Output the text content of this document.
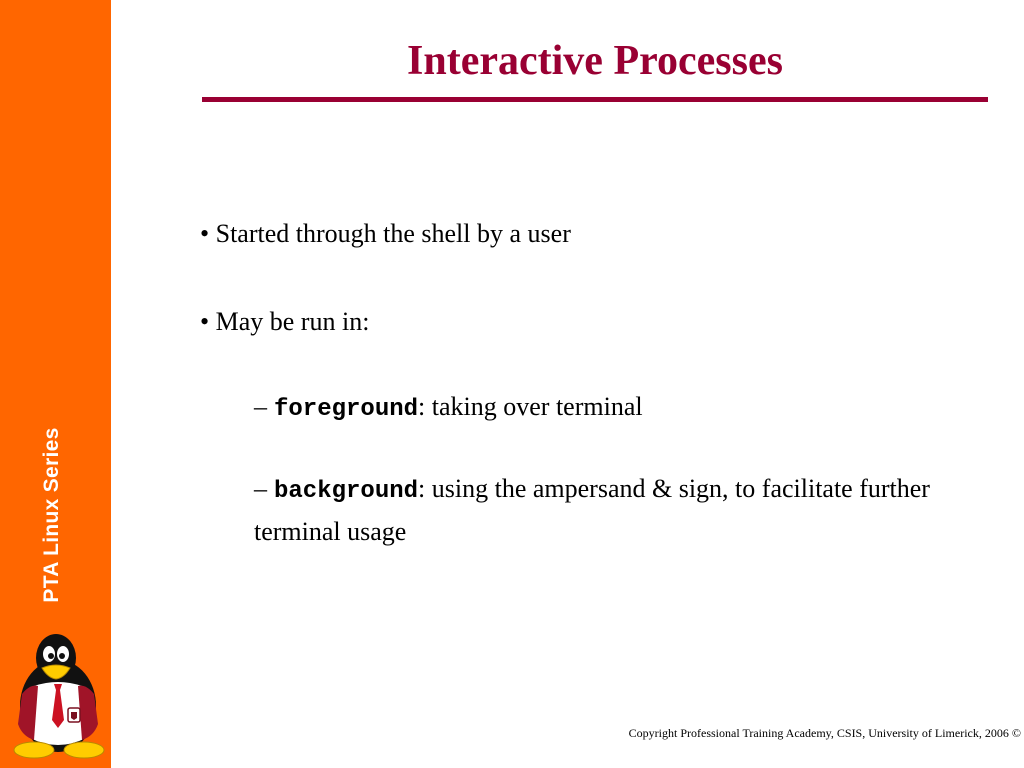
PTA Linux Series
Interactive Processes
• Started through the shell by a user
• May be run in:
– foreground: taking over terminal
– background: using the ampersand & sign, to facilitate further terminal usage
Copyright Professional Training Academy, CSIS, University of Limerick, 2006 ©
